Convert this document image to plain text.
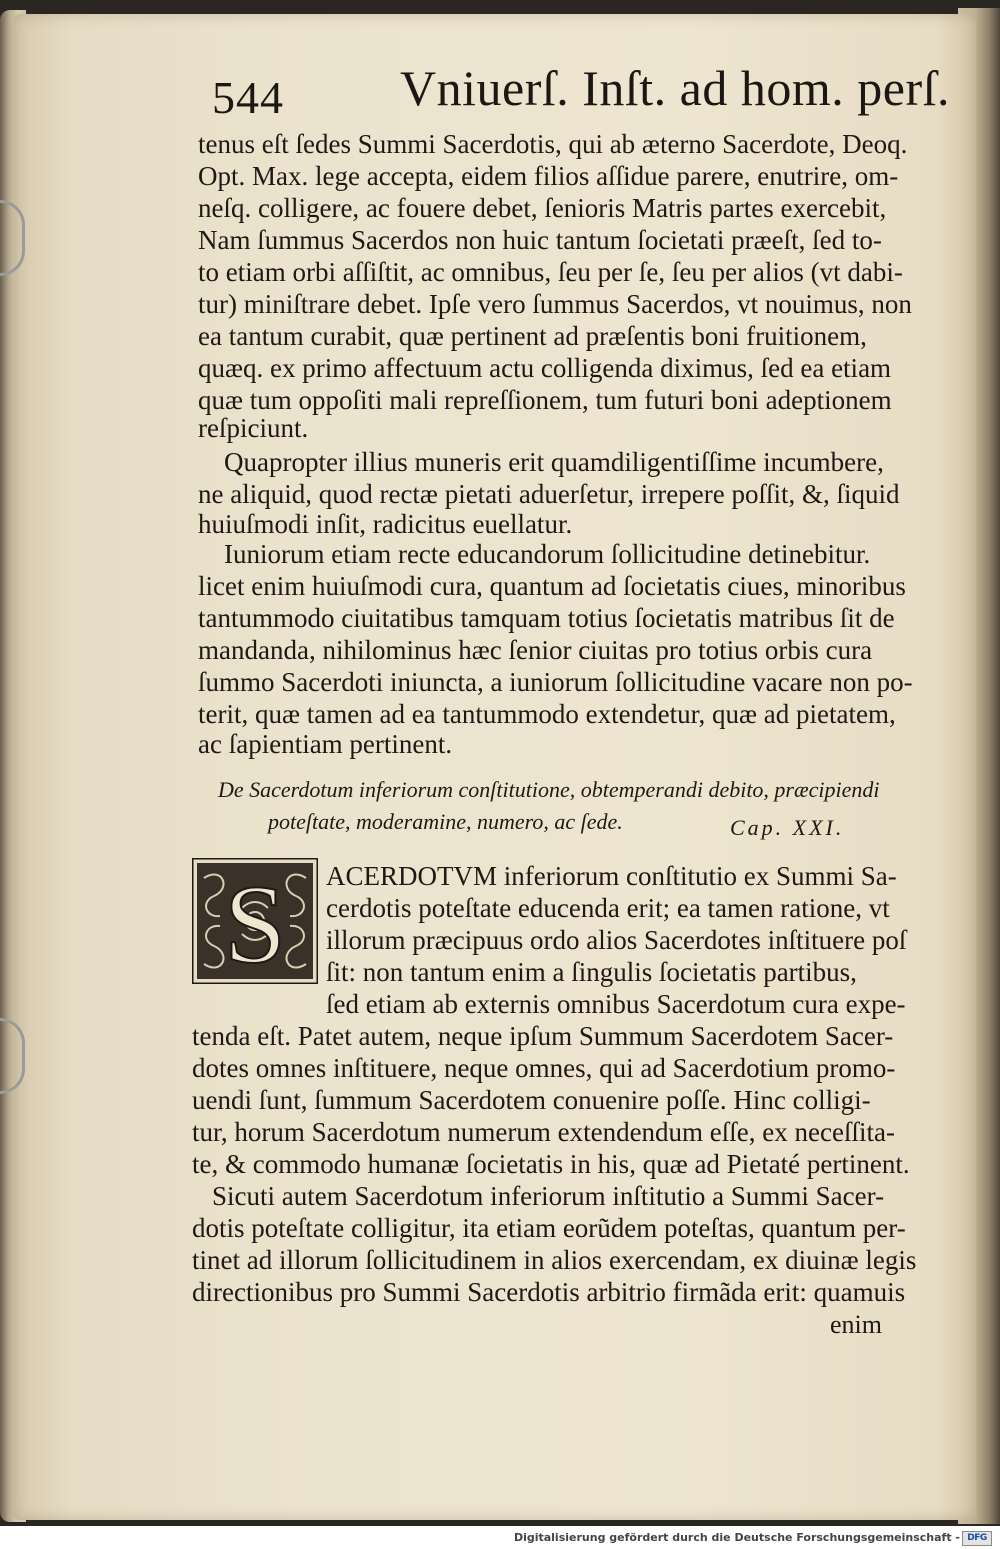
544 Vniuerſ. Inſt. ad hom. perſ.
tenus eſt ſedes Summi Sacerdotis, qui ab æterno Sacerdote, Deoq.
Opt. Max. lege accepta, eidem filios aſſidue parere, enutrire, om-
neſq. colligere, ac fouere debet, ſenioris Matris partes exercebit,
Nam ſummus Sacerdos non huic tantum ſocietati præeſt, ſed to-
to etiam orbi aſſiſtit, ac omnibus, ſeu per ſe, ſeu per alios (vt dabi-
tur) miniſtrare debet. Ipſe vero ſummus Sacerdos, vt nouimus, non
ea tantum curabit, quæ pertinent ad præſentis boni fruitionem,
quæq. ex primo affectuum actu colligenda diximus, ſed ea etiam
quæ tum oppoſiti mali repreſſionem, tum futuri boni adeptionem
reſpiciunt.
Quapropter illius muneris erit quamdiligentiſſime incumbere,
ne aliquid, quod rectæ pietati aduerſetur, irrepere poſſit, &, ſiquid
huiuſmodi inſit, radicitus euellatur.
Iuniorum etiam recte educandorum ſollicitudine detinebitur.
licet enim huiuſmodi cura, quantum ad ſocietatis ciues, minoribus
tantummodo ciuitatibus tamquam totius ſocietatis matribus ſit de
mandanda, nihilominus hæc ſenior ciuitas pro totius orbis cura
ſummo Sacerdoti iniuncta, a iuniorum ſollicitudine vacare non po-
terit, quæ tamen ad ea tantummodo extendetur, quæ ad pietatem,
ac ſapientiam pertinent.
De Sacerdotum inferiorum conſtitutione, obtemperandi debito, præcipiendi
poteſtate, moderamine, numero, ac ſede.	Cap. XXI.
S ACERDOTVM inferiorum conſtitutio ex Summi Sa-
cerdotis poteſtate educenda erit; ea tamen ratione, vt
illorum præcipuus ordo alios Sacerdotes inſtituere poſ
ſit: non tantum enim a ſingulis ſocietatis partibus,
ſed etiam ab externis omnibus Sacerdotum cura expe-
tenda eſt. Patet autem, neque ipſum Summum Sacerdotem Sacer-
dotes omnes inſtituere, neque omnes, qui ad Sacerdotium promo-
uendi ſunt, ſummum Sacerdotem conuenire poſſe. Hinc colligi-
tur, horum Sacerdotum numerum extendendum eſſe, ex neceſſita-
te, & commodo humanæ ſocietatis in his, quæ ad Pietaté pertinent.
Sicuti autem Sacerdotum inferiorum inſtitutio a Summi Sacer-
dotis poteſtate colligitur, ita etiam eorũdem poteſtas, quantum per-
tinet ad illorum ſollicitudinem in alios exercendam, ex diuinæ legis
directionibus pro Summi Sacerdotis arbitrio firmãda erit: quamuis
enim
Digitalisierung gefördert durch die Deutsche Forschungsgemeinschaft - DFG
